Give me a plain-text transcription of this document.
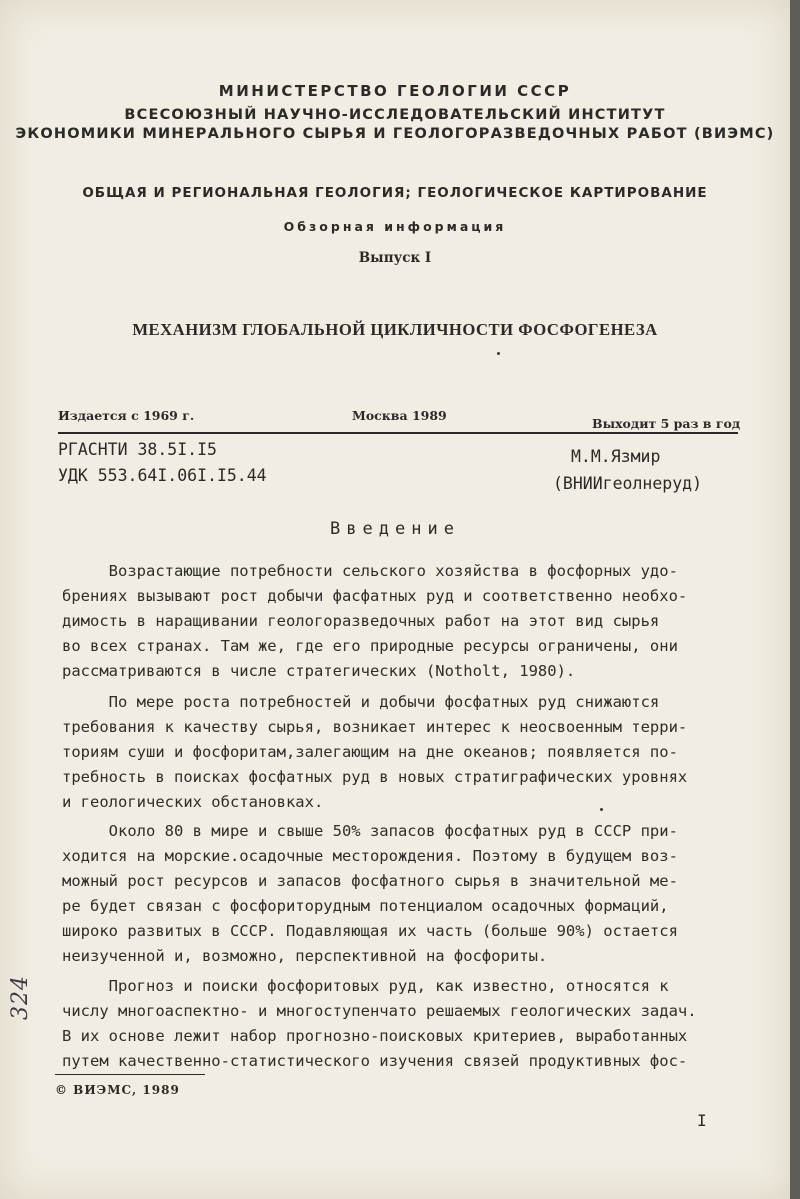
МИНИСТЕРСТВО ГЕОЛОГИИ СССР
ВСЕСОЮЗНЫЙ НАУЧНО-ИССЛЕДОВАТЕЛЬСКИЙ ИНСТИТУТ
ЭКОНОМИКИ МИНЕРАЛЬНОГО СЫРЬЯ И ГЕОЛОГОРАЗВЕДОЧНЫХ РАБОТ (ВИЭМС)
ОБЩАЯ И РЕГИОНАЛЬНАЯ ГЕОЛОГИЯ; ГЕОЛОГИЧЕСКОЕ КАРТИРОВАНИЕ
Обзорная информация
Выпуск I
МЕХАНИЗМ ГЛОБАЛЬНОЙ ЦИКЛИЧНОСТИ ФОСФОГЕНЕЗА
Издается с 1969 г.	Москва 1989
Выходит 5 раз в год
РГАСНТИ 38.5I.I5
УДК 553.64I.06I.I5.44
М.М.Язмир
(ВНИИгеолнеруд)
Введение
Возрастающие потребности сельского хозяйства в фосфорных удо-
брениях вызывают рост добычи фасфатных руд и соответственно необхо-
димость в наращивании геологоразведочных работ на этот вид сырья
во всех странах. Там же, где его природные ресурсы ограничены, они
рассматриваются в числе стратегических (Notholt, 1980).
По мере роста потребностей и добычи фосфатных руд снижаются
требования к качеству сырья, возникает интерес к неосвоенным терри-
ториям суши и фосфоритам,залегающим на дне океанов; появляется по-
требность в поисках фосфатных руд в новых стратиграфических уровнях
и геологических обстановках.
Около 80 в мире и свыше 50% запасов фосфатных руд в СССР при-
ходится на морские.осадочные месторождения. Поэтому в будущем воз-
можный рост ресурсов и запасов фосфатного сырья в значительной ме-
ре будет связан с фосфориторудным потенциалом осадочных формаций,
широко развитых в СССР. Подавляющая их часть (больше 90%) остается
неизученной и, возможно, перспективной на фосфориты.
Прогноз и поиски фосфоритовых руд, как известно, относятся к
числу многоаспектно- и многоступенчато решаемых геологических задач.
В их основе лежит набор прогнозно-поисковых критериев, выработанных
путем качественно-статистического изучения связей продуктивных фос-
324
© ВИЭМС, 1989
I
